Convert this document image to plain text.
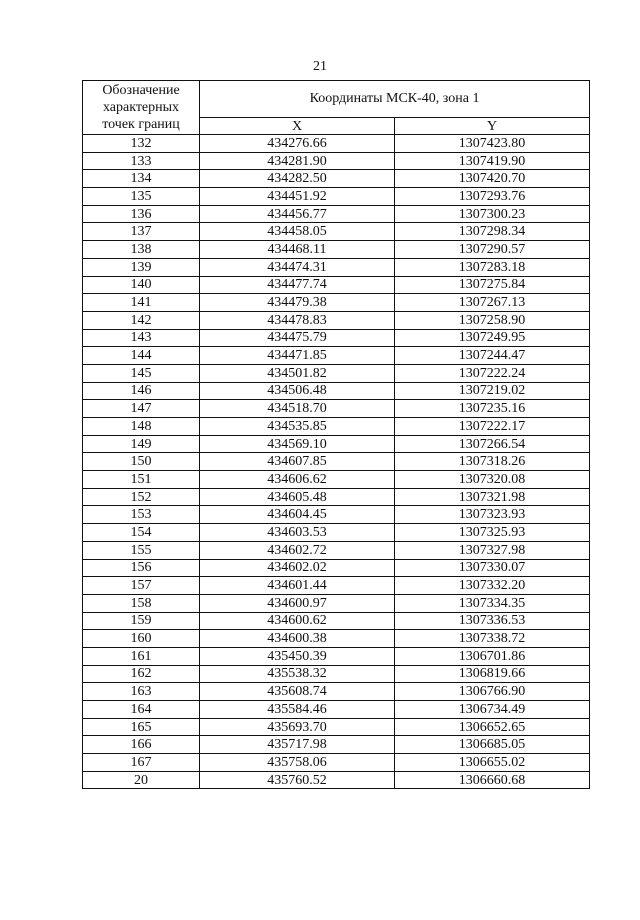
21
Обозначение
характерных
точек границ	Координаты МСК-40, зона 1	
	X	Y
132	434276.66	1307423.80
133	434281.90	1307419.90
134	434282.50	1307420.70
135	434451.92	1307293.76
136	434456.77	1307300.23
137	434458.05	1307298.34
138	434468.11	1307290.57
139	434474.31	1307283.18
140	434477.74	1307275.84
141	434479.38	1307267.13
142	434478.83	1307258.90
143	434475.79	1307249.95
144	434471.85	1307244.47
145	434501.82	1307222.24
146	434506.48	1307219.02
147	434518.70	1307235.16
148	434535.85	1307222.17
149	434569.10	1307266.54
150	434607.85	1307318.26
151	434606.62	1307320.08
152	434605.48	1307321.98
153	434604.45	1307323.93
154	434603.53	1307325.93
155	434602.72	1307327.98
156	434602.02	1307330.07
157	434601.44	1307332.20
158	434600.97	1307334.35
159	434600.62	1307336.53
160	434600.38	1307338.72
161	435450.39	1306701.86
162	435538.32	1306819.66
163	435608.74	1306766.90
164	435584.46	1306734.49
165	435693.70	1306652.65
166	435717.98	1306685.05
167	435758.06	1306655.02
20	435760.52	1306660.68
